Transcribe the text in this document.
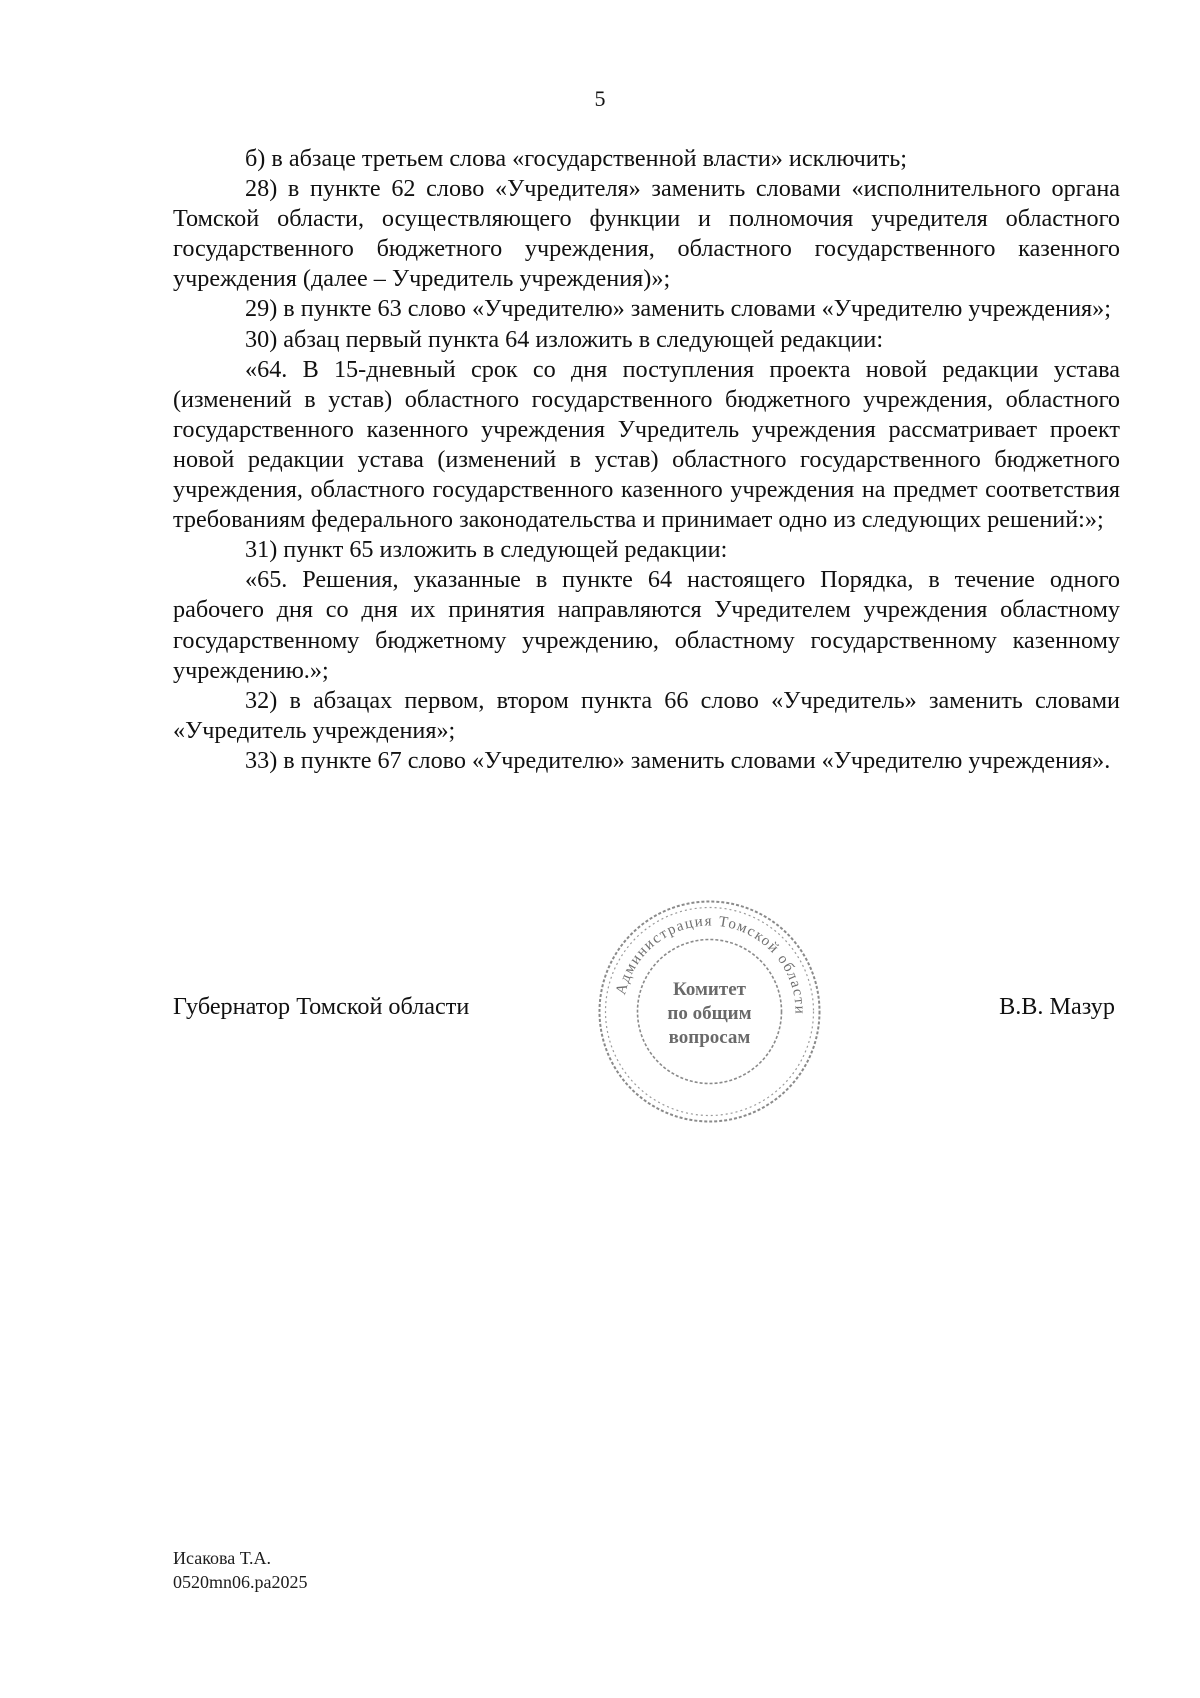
5

б) в абзаце третьем слова «государственной власти» исключить;

28) в пункте 62 слово «Учредителя» заменить словами «исполнительного органа Томской области, осуществляющего функции и полномочия учредителя областного государственного бюджетного учреждения, областного государственного казенного учреждения (далее – Учредитель учреждения)»;

29) в пункте 63 слово «Учредителю» заменить словами «Учредителю учреждения»;

30) абзац первый пункта 64 изложить в следующей редакции:

«64. В 15-дневный срок со дня поступления проекта новой редакции устава (изменений в устав) областного государственного бюджетного учреждения, областного государственного казенного учреждения Учредитель учреждения рассматривает проект новой редакции устава (изменений в устав) областного государственного бюджетного учреждения, областного государственного казенного учреждения на предмет соответствия требованиям федерального законодательства и принимает одно из следующих решений:»;

31) пункт 65 изложить в следующей редакции:

«65. Решения, указанные в пункте 64 настоящего Порядка, в течение одного рабочего дня со дня их принятия направляются Учредителем учреждения областному государственному бюджетному учреждению, областному государственному казенному учреждению.»;

32) в абзацах первом, втором пункта 66 слово «Учредитель» заменить словами «Учредитель учреждения»;

33) в пункте 67 слово «Учредителю» заменить словами «Учредителю учреждения».

Губернатор Томской области	В.В. Мазур
Администрация Томской области
Комитет
по общим
вопросам
Исакова Т.А.
0520mn06.pa2025
